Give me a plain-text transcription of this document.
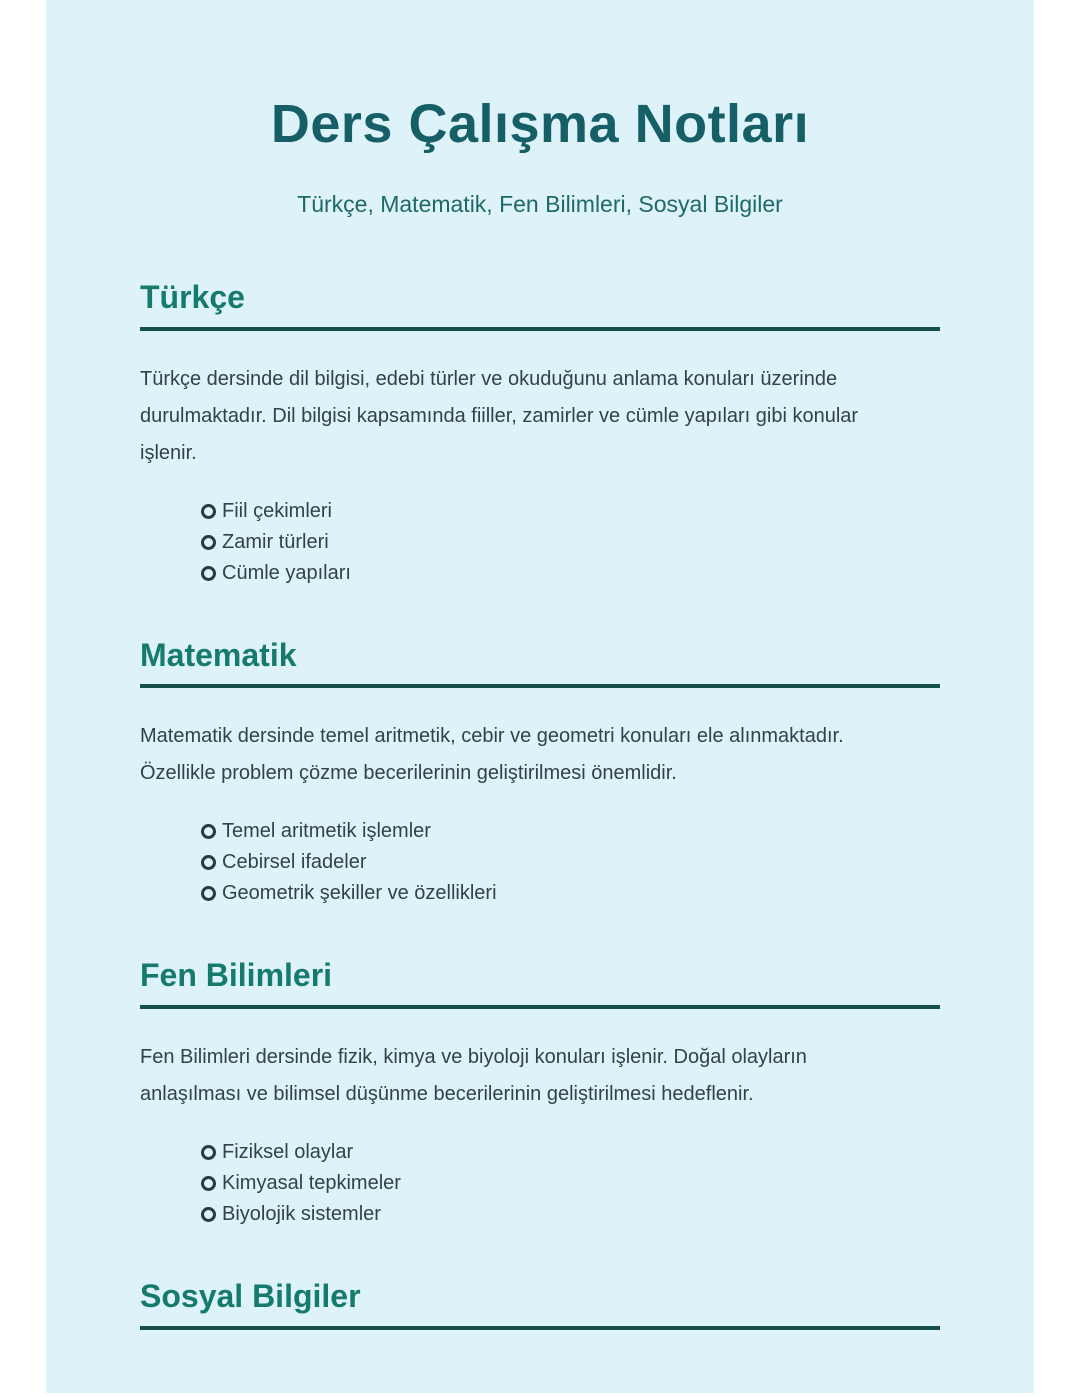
Ders Çalışma Notları

Türkçe, Matematik, Fen Bilimleri, Sosyal Bilgiler

Türkçe

Türkçe dersinde dil bilgisi, edebi türler ve okuduğunu anlama konuları üzerinde
durulmaktadır. Dil bilgisi kapsamında fiiller, zamirler ve cümle yapıları gibi konular
işlenir.

Fiil çekimleri
Zamir türleri
Cümle yapıları
Matematik

Matematik dersinde temel aritmetik, cebir ve geometri konuları ele alınmaktadır.
Özellikle problem çözme becerilerinin geliştirilmesi önemlidir.

Temel aritmetik işlemler
Cebirsel ifadeler
Geometrik şekiller ve özellikleri
Fen Bilimleri

Fen Bilimleri dersinde fizik, kimya ve biyoloji konuları işlenir. Doğal olayların
anlaşılması ve bilimsel düşünme becerilerinin geliştirilmesi hedeflenir.

Fiziksel olaylar
Kimyasal tepkimeler
Biyolojik sistemler
Sosyal Bilgiler
